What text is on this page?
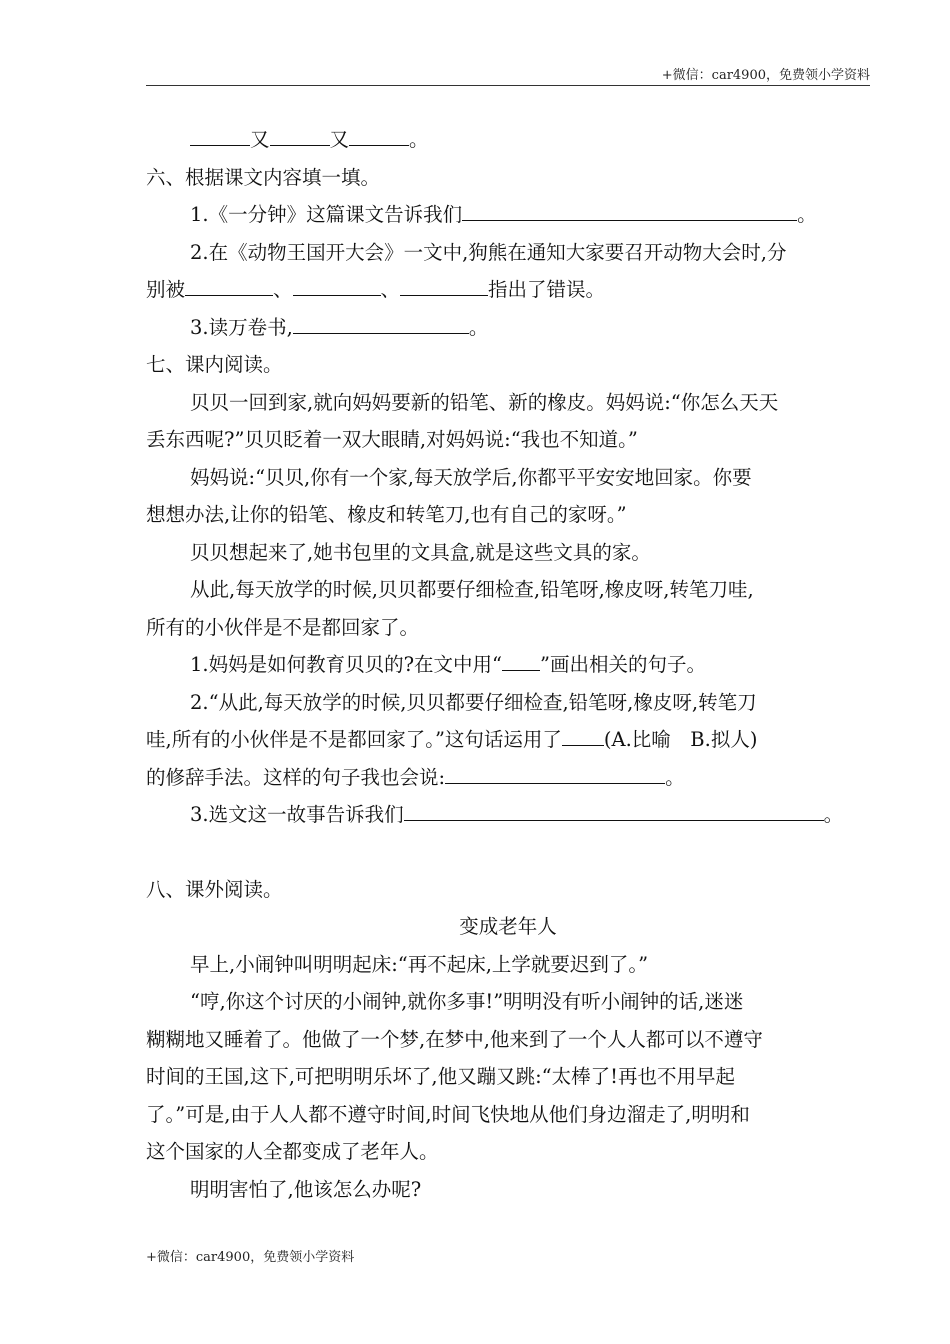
+微信：car4900，免费领小学资料
又	又	。
六、根据课文内容填一填。
1.《一分钟》这篇课文告诉我们	。
2.在《动物王国开大会》一文中,狗熊在通知大家要召开动物大会时,分
别被	、	、	指出了错误。
3.读万卷书,	。
七、课内阅读。
贝贝一回到家,就向妈妈要新的铅笔、新的橡皮。妈妈说:“你怎么天天
丢东西呢?”贝贝眨着一双大眼睛,对妈妈说:“我也不知道。”
妈妈说:“贝贝,你有一个家,每天放学后,你都平平安安地回家。你要
想想办法,让你的铅笔、橡皮和转笔刀,也有自己的家呀。”
贝贝想起来了,她书包里的文具盒,就是这些文具的家。
从此,每天放学的时候,贝贝都要仔细检查,铅笔呀,橡皮呀,转笔刀哇,
所有的小伙伴是不是都回家了。
1.妈妈是如何教育贝贝的?在文中用“ ”画出相关的句子。
2.“从此,每天放学的时候,贝贝都要仔细检查,铅笔呀,橡皮呀,转笔刀
哇,所有的小伙伴是不是都回家了。”这句话运用了 (A.比喻　B.拟人)
的修辞手法。这样的句子我也会说:	。
3.选文这一故事告诉我们	。
八、课外阅读。
变成老年人
早上,小闹钟叫明明起床:“再不起床,上学就要迟到了。”
“哼,你这个讨厌的小闹钟,就你多事!”明明没有听小闹钟的话,迷迷
糊糊地又睡着了。他做了一个梦,在梦中,他来到了一个人人都可以不遵守
时间的王国,这下,可把明明乐坏了,他又蹦又跳:“太棒了!再也不用早起
了。”可是,由于人人都不遵守时间,时间飞快地从他们身边溜走了,明明和
这个国家的人全都变成了老年人。
明明害怕了,他该怎么办呢?
+微信：car4900，免费领小学资料
